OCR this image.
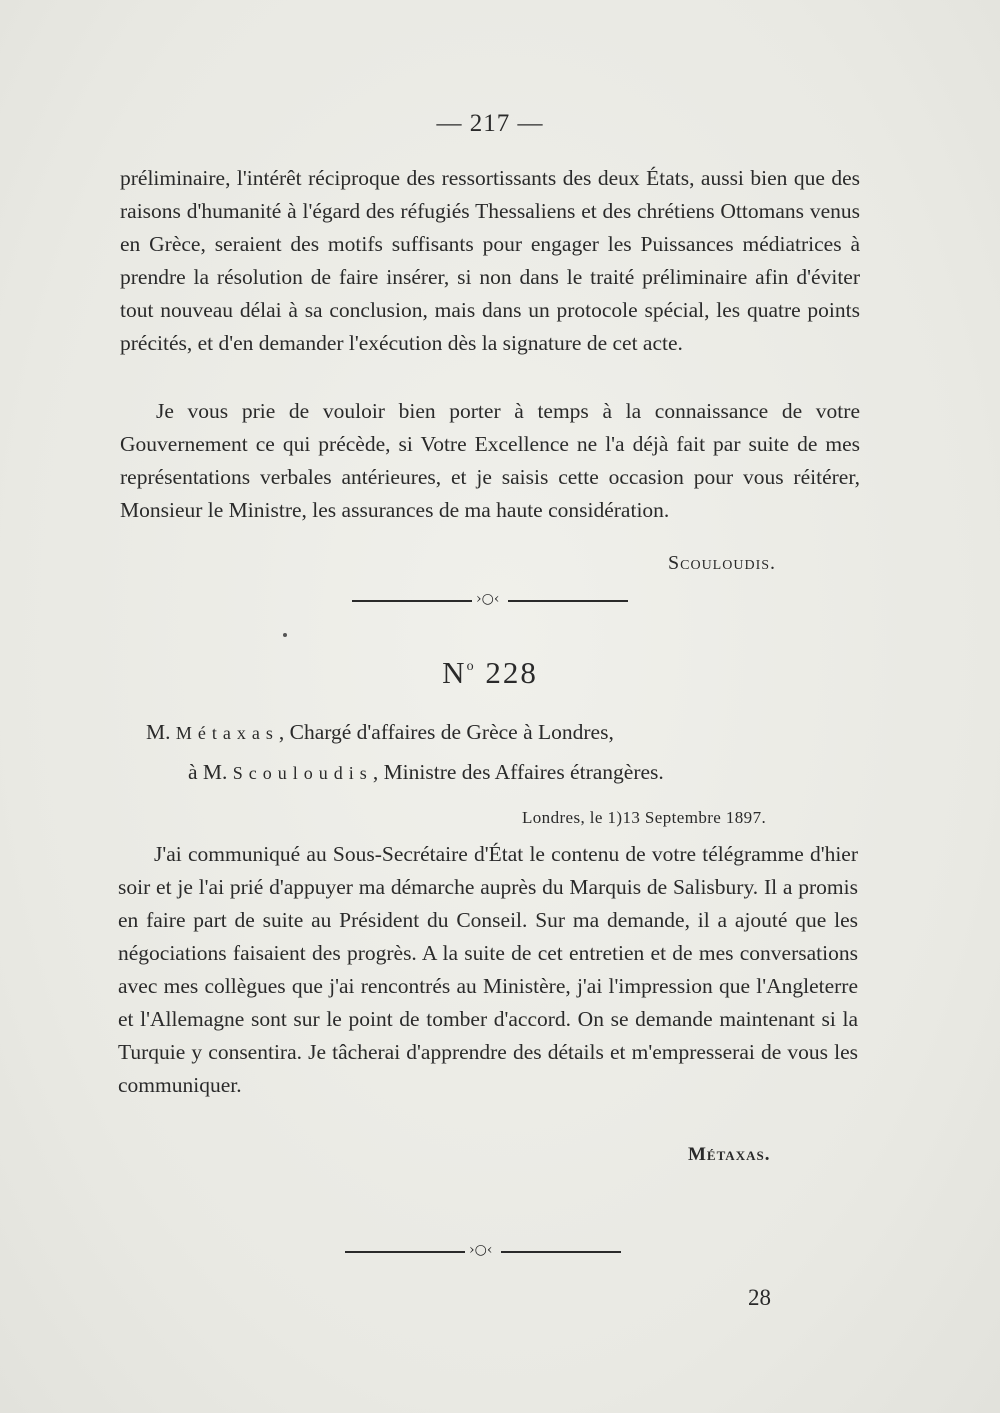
— 217 —

préliminaire, l'intérêt réciproque des ressortissants des deux États, aussi bien que des raisons d'humanité à l'égard des réfugiés Thessaliens et des chrétiens Ottomans venus en Grèce, seraient des motifs suffisants pour engager les Puissances médiatrices à prendre la résolution de faire insérer, si non dans le traité préliminaire afin d'éviter tout nouveau délai à sa conclusion, mais dans un protocole spécial, les quatre points précités, et d'en demander l'exécution dès la signature de cet acte.

Je vous prie de vouloir bien porter à temps à la connaissance de votre Gouvernement ce qui précède, si Votre Excellence ne l'a déjà fait par suite de mes représentations verbales antérieures, et je saisis cette occasion pour vous réitérer, Monsieur le Ministre, les assurances de ma haute considération.

Scouloudis.
›○‹
$N^o$ 228
M. Métaxas, Chargé d'affaires de Grèce à Londres,
à M. Scouloudis, Ministre des Affaires étrangères.
Londres, le 1)13 Septembre 1897.

J'ai communiqué au Sous-Secrétaire d'État le contenu de votre télégramme d'hier soir et je l'ai prié d'appuyer ma démarche auprès du Marquis de Salisbury. Il a promis en faire part de suite au Président du Conseil. Sur ma demande, il a ajouté que les négociations faisaient des progrès. A la suite de cet entretien et de mes conversations avec mes collègues que j'ai rencontrés au Ministère, j'ai l'impression que l'Angleterre et l'Allemagne sont sur le point de tomber d'accord. On se demande maintenant si la Turquie y consentira. Je tâcherai d'apprendre des détails et m'empresserai de vous les communiquer.

Métaxas.
›○‹
28
